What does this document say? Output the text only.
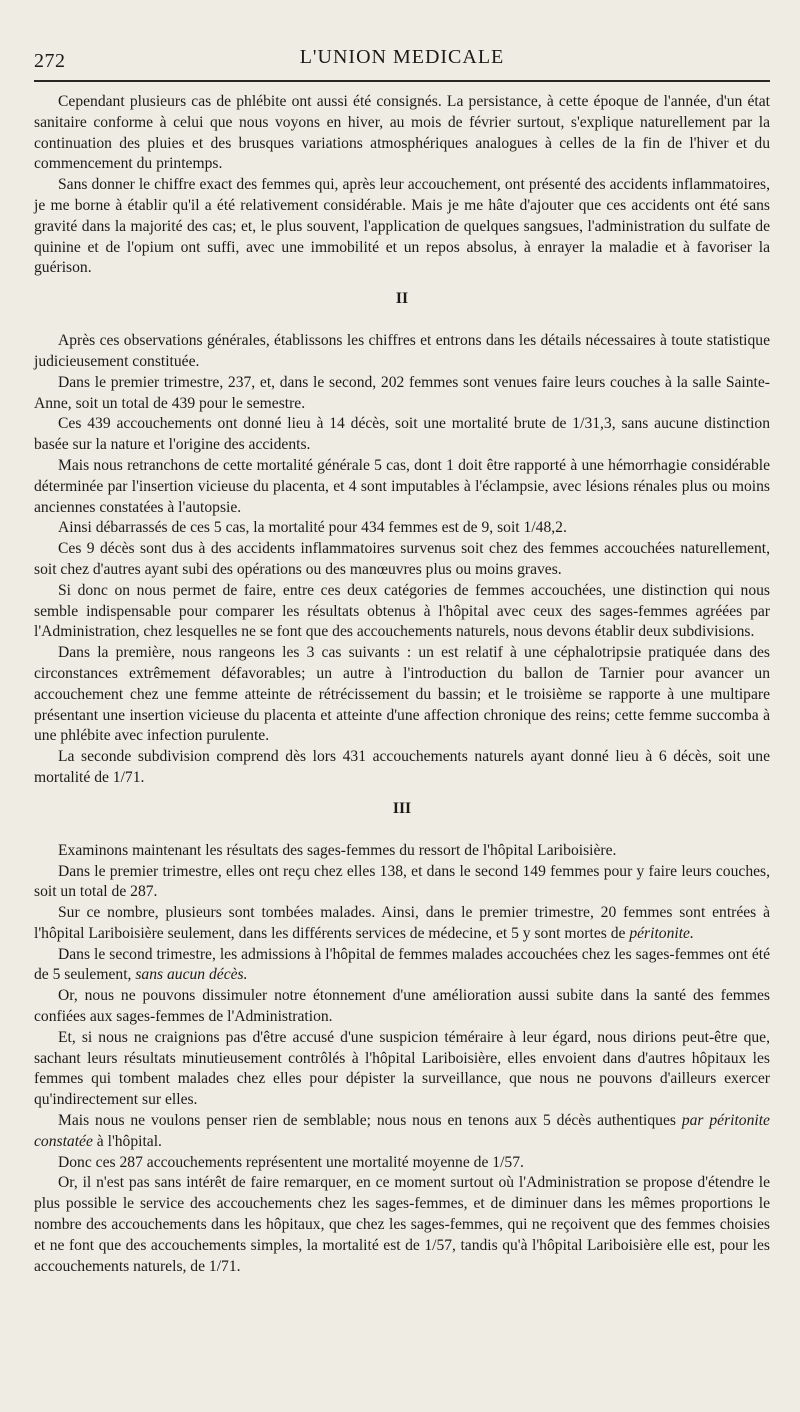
272	L'UNION MEDICALE

Cependant plusieurs cas de phlébite ont aussi été consignés. La persistance, à cette époque de l'année, d'un état sanitaire conforme à celui que nous voyons en hiver, au mois de février surtout, s'explique naturellement par la continuation des pluies et des brusques variations atmosphériques analogues à celles de la fin de l'hiver et du commencement du printemps.

Sans donner le chiffre exact des femmes qui, après leur accouchement, ont présenté des accidents inflammatoires, je me borne à établir qu'il a été relativement considérable. Mais je me hâte d'ajouter que ces accidents ont été sans gravité dans la majorité des cas; et, le plus souvent, l'application de quelques sangsues, l'administration du sulfate de quinine et de l'opium ont suffi, avec une immobilité et un repos absolus, à enrayer la maladie et à favoriser la guérison.

II

Après ces observations générales, établissons les chiffres et entrons dans les détails nécessaires à toute statistique judicieusement constituée.

Dans le premier trimestre, 237, et, dans le second, 202 femmes sont venues faire leurs couches à la salle Sainte-Anne, soit un total de 439 pour le semestre.

Ces 439 accouchements ont donné lieu à 14 décès, soit une mortalité brute de 1/31,3, sans aucune distinction basée sur la nature et l'origine des accidents.

Mais nous retranchons de cette mortalité générale 5 cas, dont 1 doit être rapporté à une hémorrhagie considérable déterminée par l'insertion vicieuse du placenta, et 4 sont imputables à l'éclampsie, avec lésions rénales plus ou moins anciennes constatées à l'autopsie.

Ainsi débarrassés de ces 5 cas, la mortalité pour 434 femmes est de 9, soit 1/48,2.

Ces 9 décès sont dus à des accidents inflammatoires survenus soit chez des femmes accouchées naturellement, soit chez d'autres ayant subi des opérations ou des manœuvres plus ou moins graves.

Si donc on nous permet de faire, entre ces deux catégories de femmes accouchées, une distinction qui nous semble indispensable pour comparer les résultats obtenus à l'hôpital avec ceux des sages-femmes agréées par l'Administration, chez lesquelles ne se font que des accouchements naturels, nous devons établir deux subdivisions.

Dans la première, nous rangeons les 3 cas suivants : un est relatif à une céphalotripsie pratiquée dans des circonstances extrêmement défavorables; un autre à l'introduction du ballon de Tarnier pour avancer un accouchement chez une femme atteinte de rétrécissement du bassin; et le troisième se rapporte à une multipare présentant une insertion vicieuse du placenta et atteinte d'une affection chronique des reins; cette femme succomba à une phlébite avec infection purulente.

La seconde subdivision comprend dès lors 431 accouchements naturels ayant donné lieu à 6 décès, soit une mortalité de 1/71.

III

Examinons maintenant les résultats des sages-femmes du ressort de l'hôpital Lariboisière.

Dans le premier trimestre, elles ont reçu chez elles 138, et dans le second 149 femmes pour y faire leurs couches, soit un total de 287.

Sur ce nombre, plusieurs sont tombées malades. Ainsi, dans le premier trimestre, 20 femmes sont entrées à l'hôpital Lariboisière seulement, dans les différents services de médecine, et 5 y sont mortes de péritonite.

Dans le second trimestre, les admissions à l'hôpital de femmes malades accouchées chez les sages-femmes ont été de 5 seulement, sans aucun décès.

Or, nous ne pouvons dissimuler notre étonnement d'une amélioration aussi subite dans la santé des femmes confiées aux sages-femmes de l'Administration.

Et, si nous ne craignions pas d'être accusé d'une suspicion téméraire à leur égard, nous dirions peut-être que, sachant leurs résultats minutieusement contrôlés à l'hôpital Lariboisière, elles envoient dans d'autres hôpitaux les femmes qui tombent malades chez elles pour dépister la surveillance, que nous ne pouvons d'ailleurs exercer qu'indirectement sur elles.

Mais nous ne voulons penser rien de semblable; nous nous en tenons aux 5 décès authentiques par péritonite constatée à l'hôpital.

Donc ces 287 accouchements représentent une mortalité moyenne de 1/57.

Or, il n'est pas sans intérêt de faire remarquer, en ce moment surtout où l'Administration se propose d'étendre le plus possible le service des accouchements chez les sages-femmes, et de diminuer dans les mêmes proportions le nombre des accouchements dans les hôpitaux, que chez les sages-femmes, qui ne reçoivent que des femmes choisies et ne font que des accouchements simples, la mortalité est de 1/57, tandis qu'à l'hôpital Lariboisière elle est, pour les accouchements naturels, de 1/71.
